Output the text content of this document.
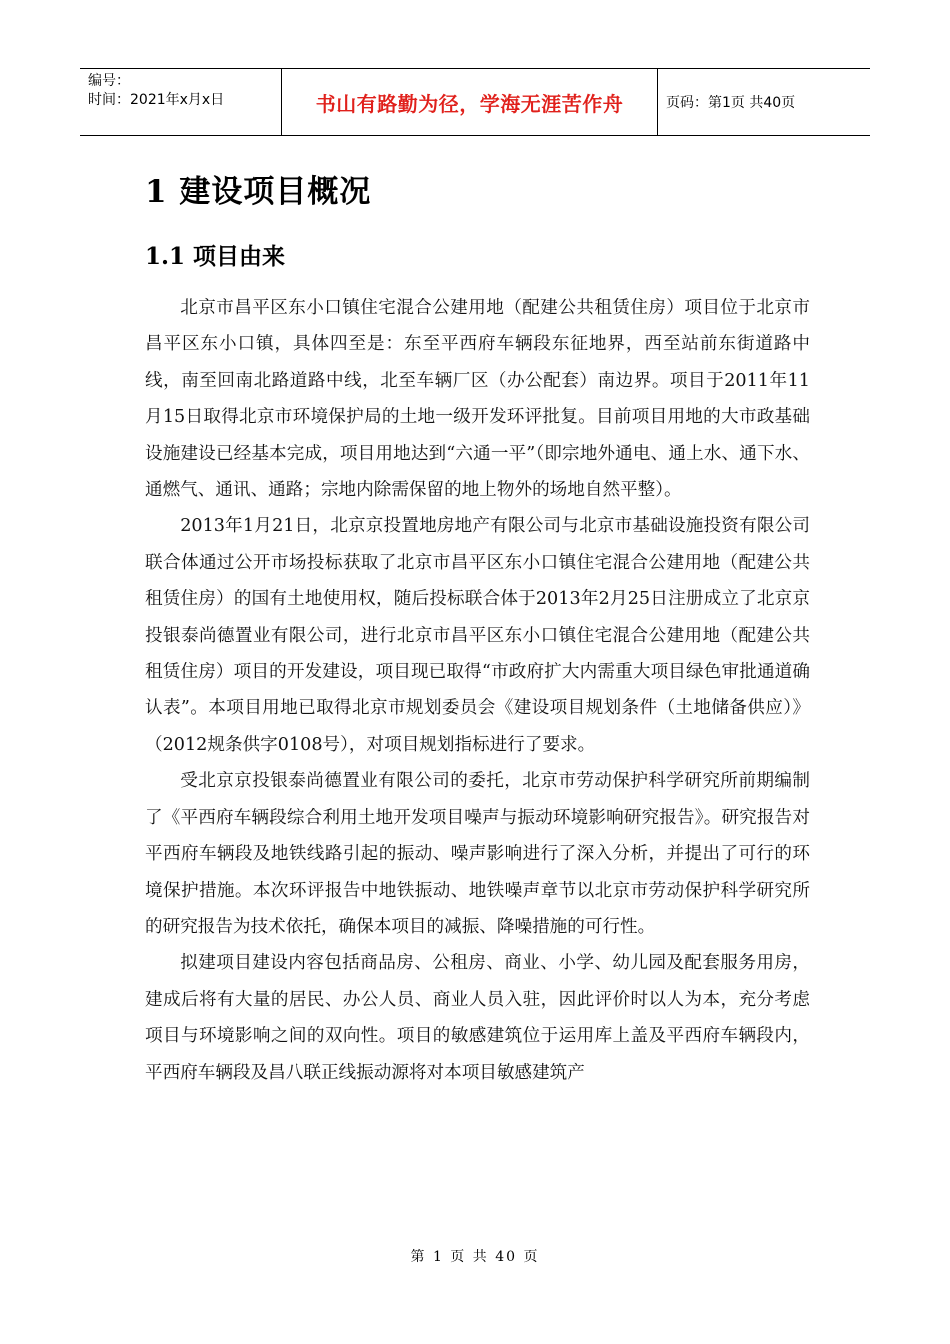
编号：
时间：2021年x月x日	书山有路勤为径，学海无涯苦作舟	页码：第1页 共40页
1 建设项目概况
1.1 项目由来

北京市昌平区东小口镇住宅混合公建用地（配建公共租赁住房）项目位于北京市昌平区东小口镇，具体四至是：东至平西府车辆段东征地界，西至站前东街道路中线，南至回南北路道路中线，北至车辆厂区（办公配套）南边界。项目于2011年11月15日取得北京市环境保护局的土地一级开发环评批复。目前项目用地的大市政基础设施建设已经基本完成，项目用地达到“六通一平”（即宗地外通电、通上水、通下水、通燃气、通讯、通路；宗地内除需保留的地上物外的场地自然平整）。

2013年1月21日，北京京投置地房地产有限公司与北京市基础设施投资有限公司联合体通过公开市场投标获取了北京市昌平区东小口镇住宅混合公建用地（配建公共租赁住房）的国有土地使用权，随后投标联合体于2013年2月25日注册成立了北京京投银泰尚德置业有限公司，进行北京市昌平区东小口镇住宅混合公建用地（配建公共租赁住房）项目的开发建设，项目现已取得“市政府扩大内需重大项目绿色审批通道确认表”。本项目用地已取得北京市规划委员会《建设项目规划条件（土地储备供应）》（2012规条供字0108号），对项目规划指标进行了要求。

受北京京投银泰尚德置业有限公司的委托，北京市劳动保护科学研究所前期编制了《平西府车辆段综合利用土地开发项目噪声与振动环境影响研究报告》。研究报告对平西府车辆段及地铁线路引起的振动、噪声影响进行了深入分析，并提出了可行的环境保护措施。本次环评报告中地铁振动、地铁噪声章节以北京市劳动保护科学研究所的研究报告为技术依托，确保本项目的减振、降噪措施的可行性。

拟建项目建设内容包括商品房、公租房、商业、小学、幼儿园及配套服务用房，建成后将有大量的居民、办公人员、商业人员入驻，因此评价时以人为本，充分考虑项目与环境影响之间的双向性。项目的敏感建筑位于运用库上盖及平西府车辆段内，平西府车辆段及昌八联正线振动源将对本项目敏感建筑产

第 1 页 共 40 页
